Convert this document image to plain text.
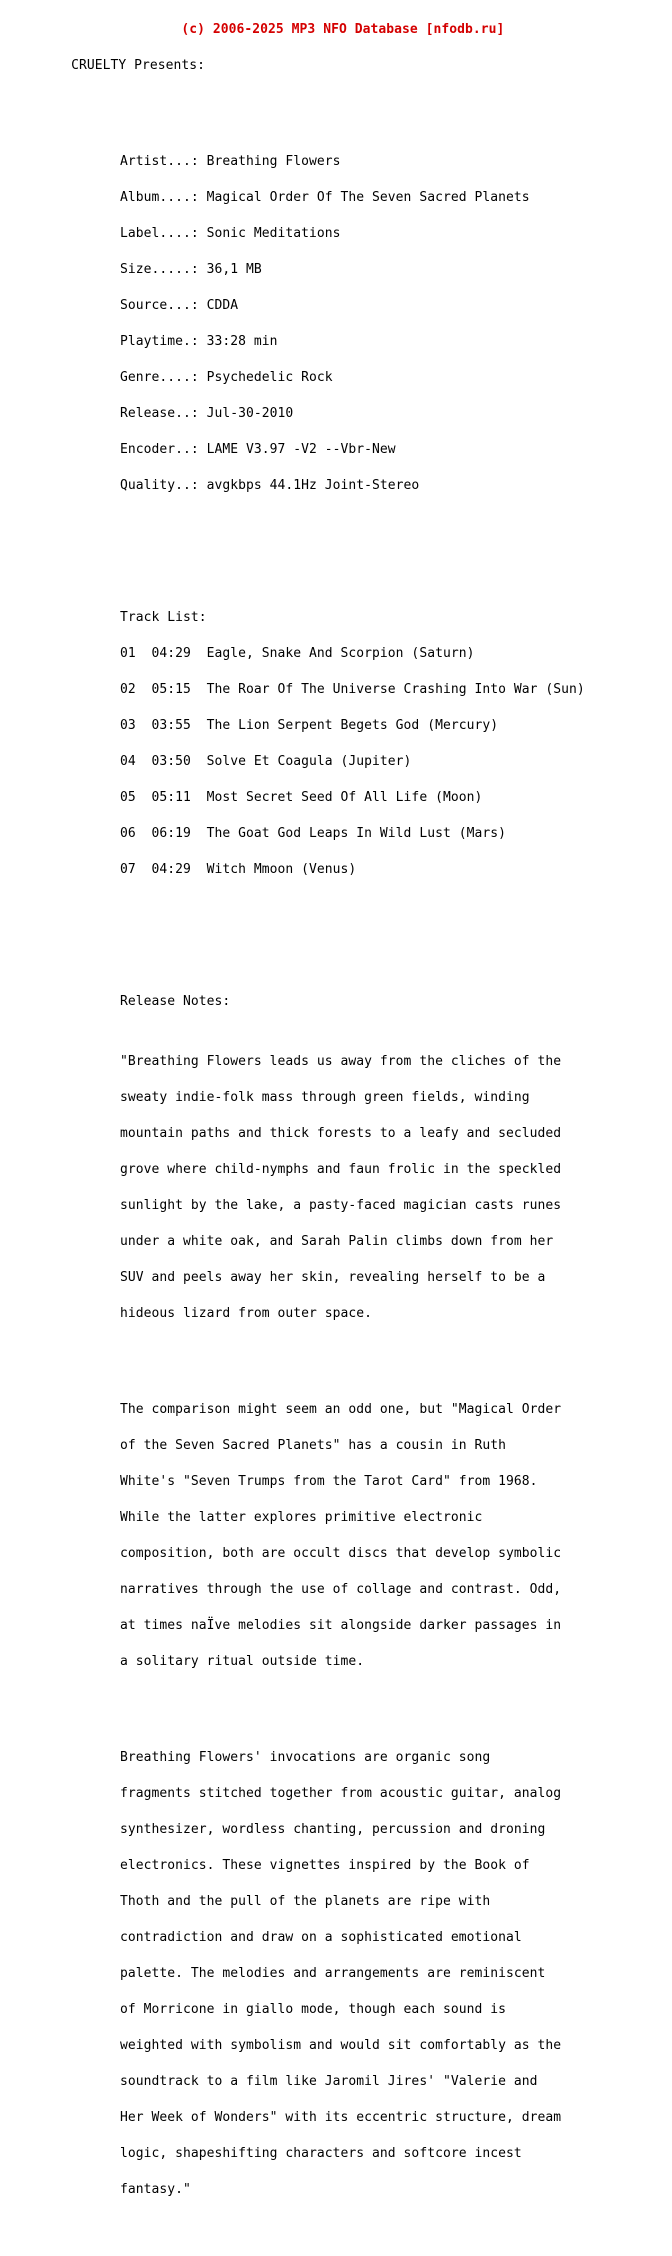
(c) 2006-2025 MP3 NFO Database [nfodb.ru]

CRUELTY Presents:

Artist...: Breathing Flowers

Album....: Magical Order Of The Seven Sacred Planets

Label....: Sonic Meditations

Size.....: 36,1 MB

Source...: CDDA

Playtime.: 33:28 min

Genre....: Psychedelic Rock

Release..: Jul-30-2010

Encoder..: LAME V3.97 -V2 --Vbr-New

Quality..: avgkbps 44.1Hz Joint-Stereo

Track List:

01  04:29  Eagle, Snake And Scorpion (Saturn)

02  05:15  The Roar Of The Universe Crashing Into War (Sun)

03  03:55  The Lion Serpent Begets God (Mercury)

04  03:50  Solve Et Coagula (Jupiter)

05  05:11  Most Secret Seed Of All Life (Moon)

06  06:19  The Goat God Leaps In Wild Lust (Mars)

07  04:29  Witch Mmoon (Venus)

Release Notes:

"Breathing Flowers leads us away from the cliches of the

sweaty indie-folk mass through green fields, winding

mountain paths and thick forests to a leafy and secluded

grove where child-nymphs and faun frolic in the speckled

sunlight by the lake, a pasty-faced magician casts runes

under a white oak, and Sarah Palin climbs down from her

SUV and peels away her skin, revealing herself to be a

hideous lizard from outer space.

The comparison might seem an odd one, but "Magical Order

of the Seven Sacred Planets" has a cousin in Ruth

White's "Seven Trumps from the Tarot Card" from 1968.

While the latter explores primitive electronic

composition, both are occult discs that develop symbolic

narratives through the use of collage and contrast. Odd,

at times naÏve melodies sit alongside darker passages in

a solitary ritual outside time.

Breathing Flowers' invocations are organic song

fragments stitched together from acoustic guitar, analog

synthesizer, wordless chanting, percussion and droning

electronics. These vignettes inspired by the Book of

Thoth and the pull of the planets are ripe with

contradiction and draw on a sophisticated emotional

palette. The melodies and arrangements are reminiscent

of Morricone in giallo mode, though each sound is

weighted with symbolism and would sit comfortably as the

soundtrack to a film like Jaromil Jires' "Valerie and

Her Week of Wonders" with its eccentric structure, dream

logic, shapeshifting characters and softcore incest

fantasy."
